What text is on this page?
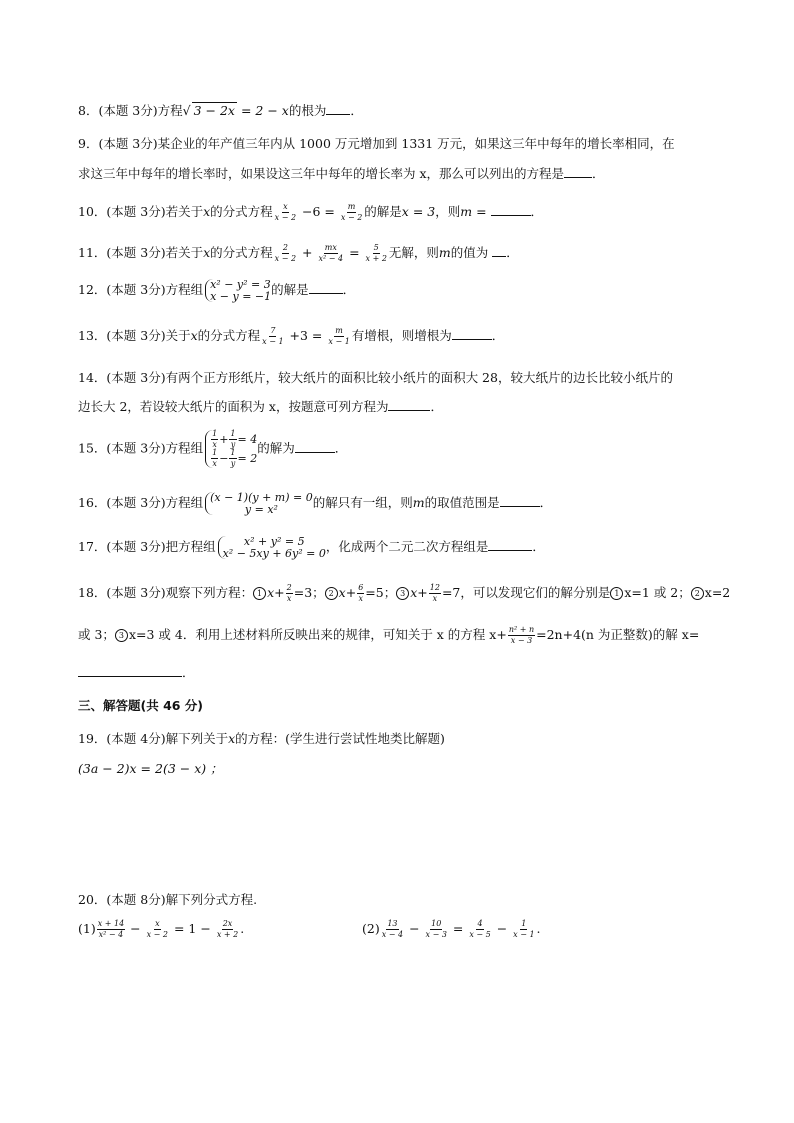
8．(本题 3分)方程√ 3 − 2x = 2 − x的根为 ．
9．(本题 3分)某企业的年产值三年内从 1000 万元增加到 1331 万元，如果这三年中每年的增长率相同，在
求这三年中每年的增长率时，如果设这三年中每年的增长率为 x，那么可以列出的方程是 ．
10．(本题 3分)若关于x的分式方程 $\frac{x}{x - 2} -6 = \frac{m}{x - 2}$ 的解是x = 3，则m =	．
11．(本题 3分)若关于x的分式方程 $\frac{2}{x - 2} + \frac{mx}{\text{x² − 4}} = \frac{5}{x + 2}$ 无解，则m的值为 ．
12．(本题 3分)方程组 x² − y² = 3
x − y = −1 的解是	．
13．(本题 3分)关于x的分式方程 $\frac{7}{x - 1} +3 = \frac{m}{x - 1}$ 有增根，则增根为	．
14．(本题 3分)有两个正方形纸片，较大纸片的面积比较小纸片的面积大 28，较大纸片的边长比较小纸片的
边长大 2，若设较大纸片的面积为 x，按题意可列方程为	．
15．(本题 3分)方程组 $\frac{1}{x} + \frac{1}{y} = 4$
$\frac{1}{x} - \frac{1}{y} = 2$
的解为	．
16．(本题 3分)方程组 (x − 1)(y + m) = 0
y = x²	的解只有一组，则m的取值范围是	．
17．(本题 3分)把方程组	x² + y² = 5
x² − 5xy + 6y² = 0 ，化成两个二元二次方程组是	．
18．(本题 3分)观察下列方程： 1 $x+ \frac{2}{x} =3$； 2 $x+ \frac{6}{x} =5$； 3 $x+ \frac{12}{x} =7$，可以发现它们的解分别是 1 x=1 或 2； 2 x=2
或 3； 3 x=3 或 4．利用上述材料所反映出来的规律，可知关于 x 的方程 $x+ \frac{\text{n² + n}}{x - 3} =2n+4(n$ 为正整数)的解 x=
．
三、解答题(共 46 分)
19．(本题 4分)解下列关于x的方程：(学生进行尝试性地类比解题)
(3a − 2)x = 2(3 − x) ；
20．(本题 8分)解下列分式方程.
$(1) \frac{x + 14}{\text{x² − 4}} - \frac{x}{x - 2} = 1 - \frac{2x}{x + 2}$ .	$(2) \frac{13}{x - 4} - \frac{10}{x - 3} = \frac{4}{x - 5} - \frac{1}{x - 1}$ .
